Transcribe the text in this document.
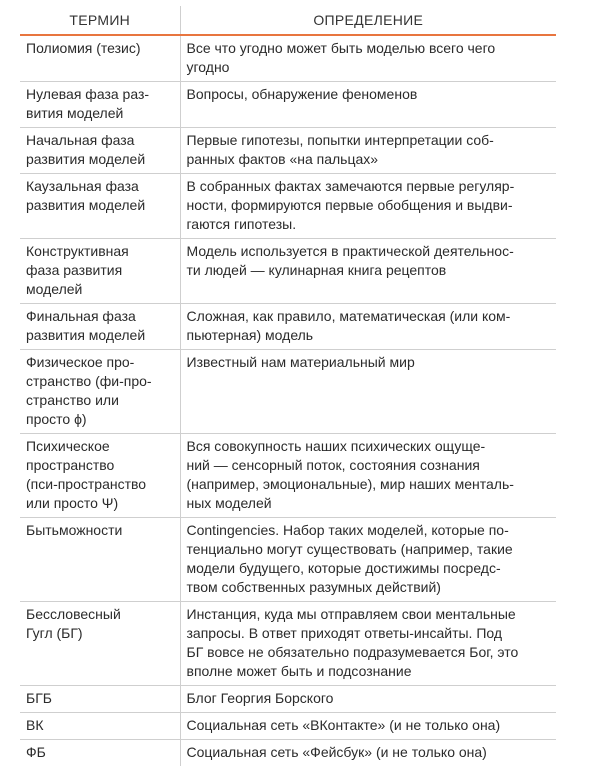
ТЕРМИН	ОПРЕДЕЛЕНИЕ

Полиомия (тезис)	Все что угодно может быть моделью всего чего
угодно

Нулевая фаза раз-
вития моделей	Вопросы, обнаружение феноменов

Начальная фаза
развития моделей	Первые гипотезы, попытки интерпретации соб-
ранных фактов «на пальцах»

Каузальная фаза
развития моделей	В собранных фактах замечаются первые регуляр-
ности, формируются первые обобщения и выдви-
гаются гипотезы.

Конструктивная
фаза развития
моделей	Модель используется в практической деятельнос-
ти людей — кулинарная книга рецептов

Финальная фаза
развития моделей	Сложная, как правило, математическая (или ком-
пьютерная) модель

Физическое про-
странство (фи-про-
странство или
просто ϕ)	Известный нам материальный мир

Психическое
пространство
(пси-пространство
или просто Ψ)	Вся совокупность наших психических ощуще-
ний — сенсорный поток, состояния сознания
(например, эмоциональные), мир наших менталь-
ных моделей

Бытьможности	Contingencies. Набор таких моделей, которые по-
тенциально могут существовать (например, такие
модели будущего, которые достижимы посредс-
твом собственных разумных действий)

Бессловесный
Гугл (БГ)	Инстанция, куда мы отправляем свои ментальные
запросы. В ответ приходят ответы-инсайты. Под
БГ вовсе не обязательно подразумевается Бог, это
вполне может быть и подсознание

БГБ	Блог Георгия Борского

ВК	Социальная сеть «ВКонтакте» (и не только она)

ФБ	Социальная сеть «Фейсбук» (и не только она)
